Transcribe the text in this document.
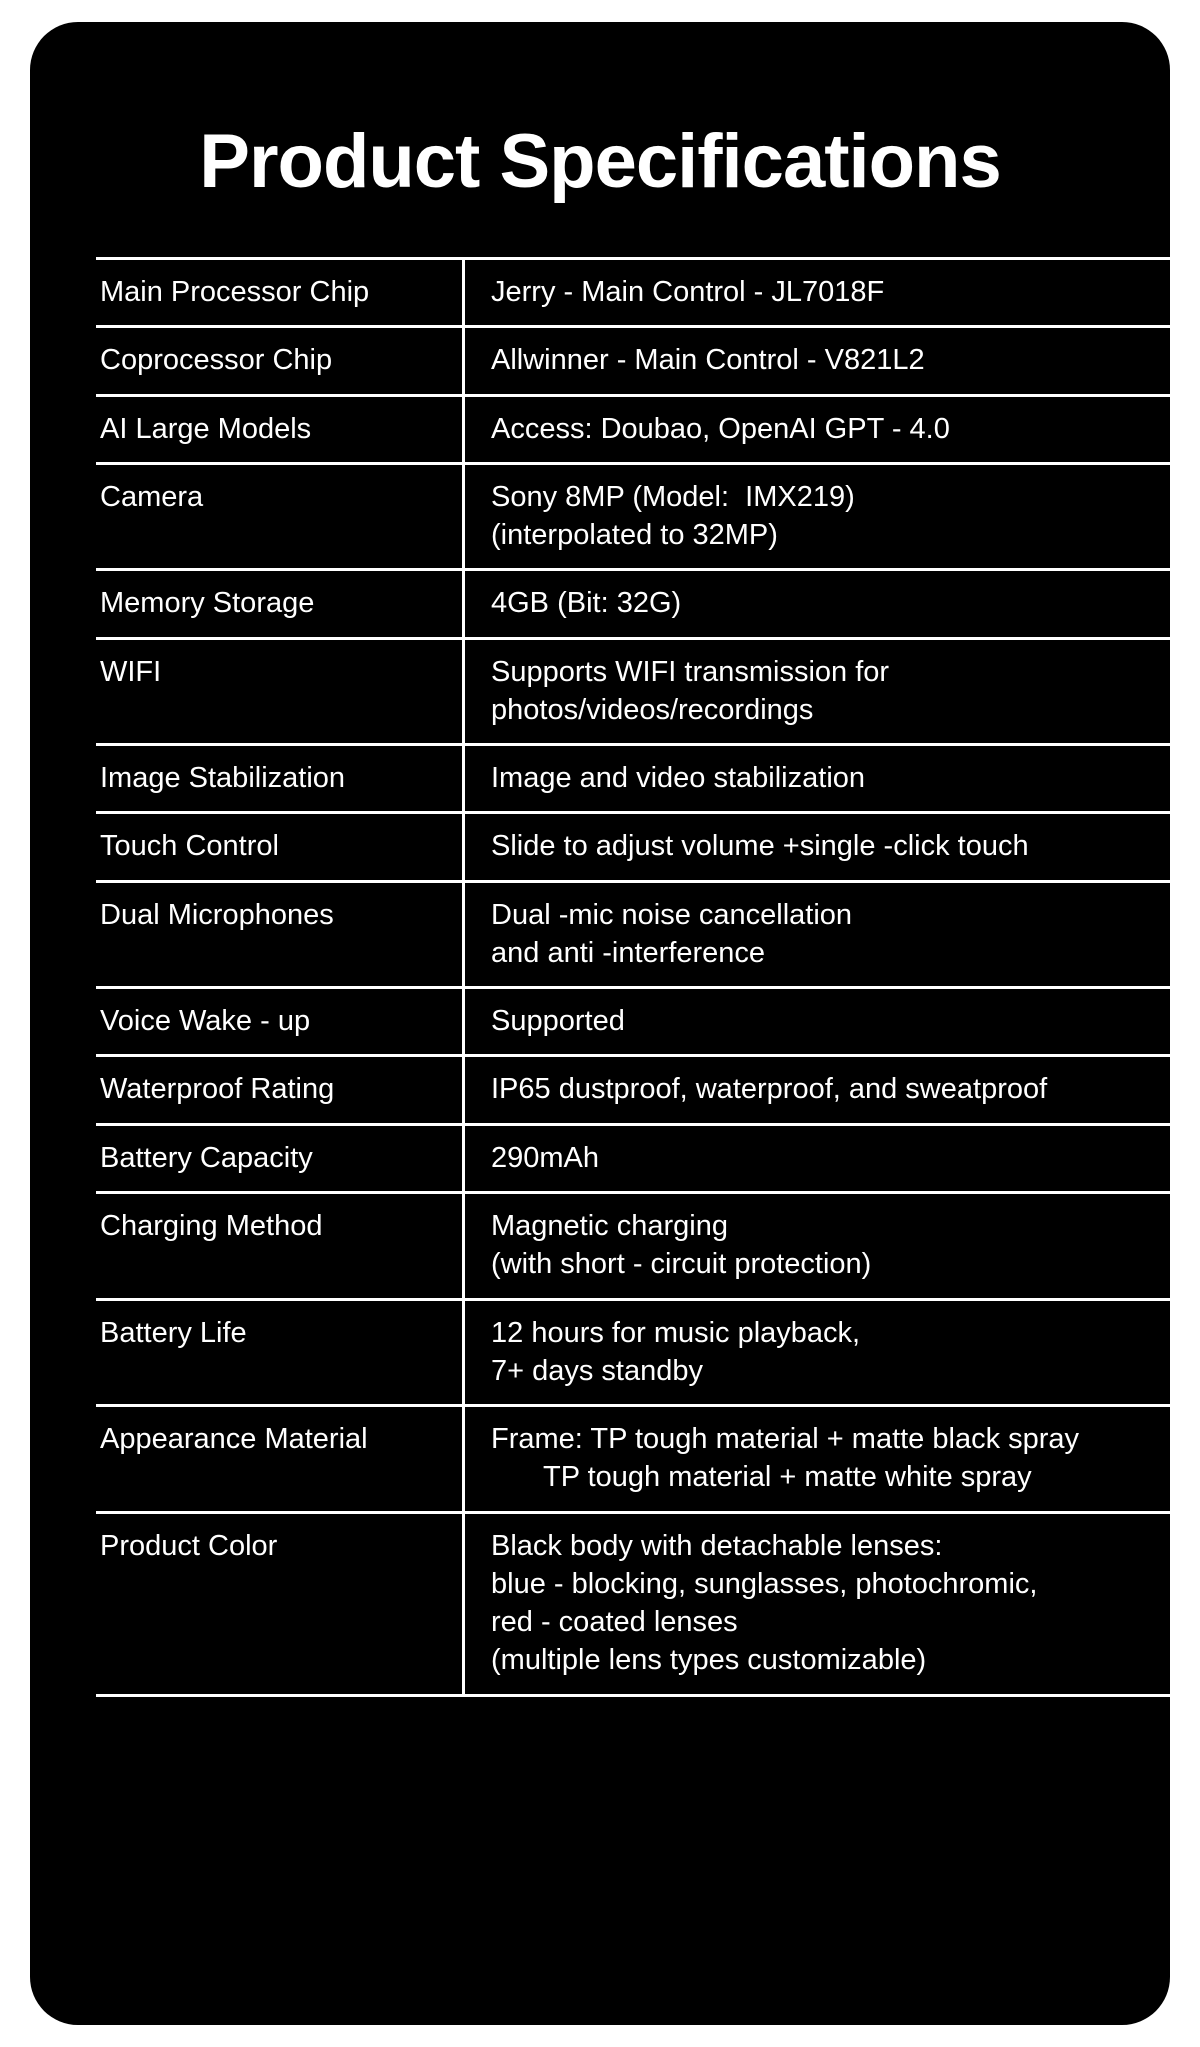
Product Specifications
Main Processor Chip	Jerry - Main Control - JL7018F

Coprocessor Chip	Allwinner - Main Control - V821L2

AI Large Models	Access: Doubao, OpenAI GPT - 4.0

Camera	Sony 8MP (Model:  IMX219)
(interpolated to 32MP)

Memory Storage	4GB (Bit: 32G)

WIFI	Supports WIFI transmission for
photos/videos/recordings

Image Stabilization	Image and video stabilization

Touch Control	Slide to adjust volume +single -click touch

Dual Microphones	Dual -mic noise cancellation
and anti -interference

Voice Wake - up	Supported

Waterproof Rating	IP65 dustproof, waterproof, and sweatproof

Battery Capacity	290mAh

Charging Method	Magnetic charging
(with short - circuit protection)

Battery Life	12 hours for music playback,
7+ days standby

Appearance Material	Frame: TP tough material + matte black spray
TP tough material + matte white spray

Product Color	Black body with detachable lenses:
blue - blocking, sunglasses, photochromic,
red - coated lenses
(multiple lens types customizable)
